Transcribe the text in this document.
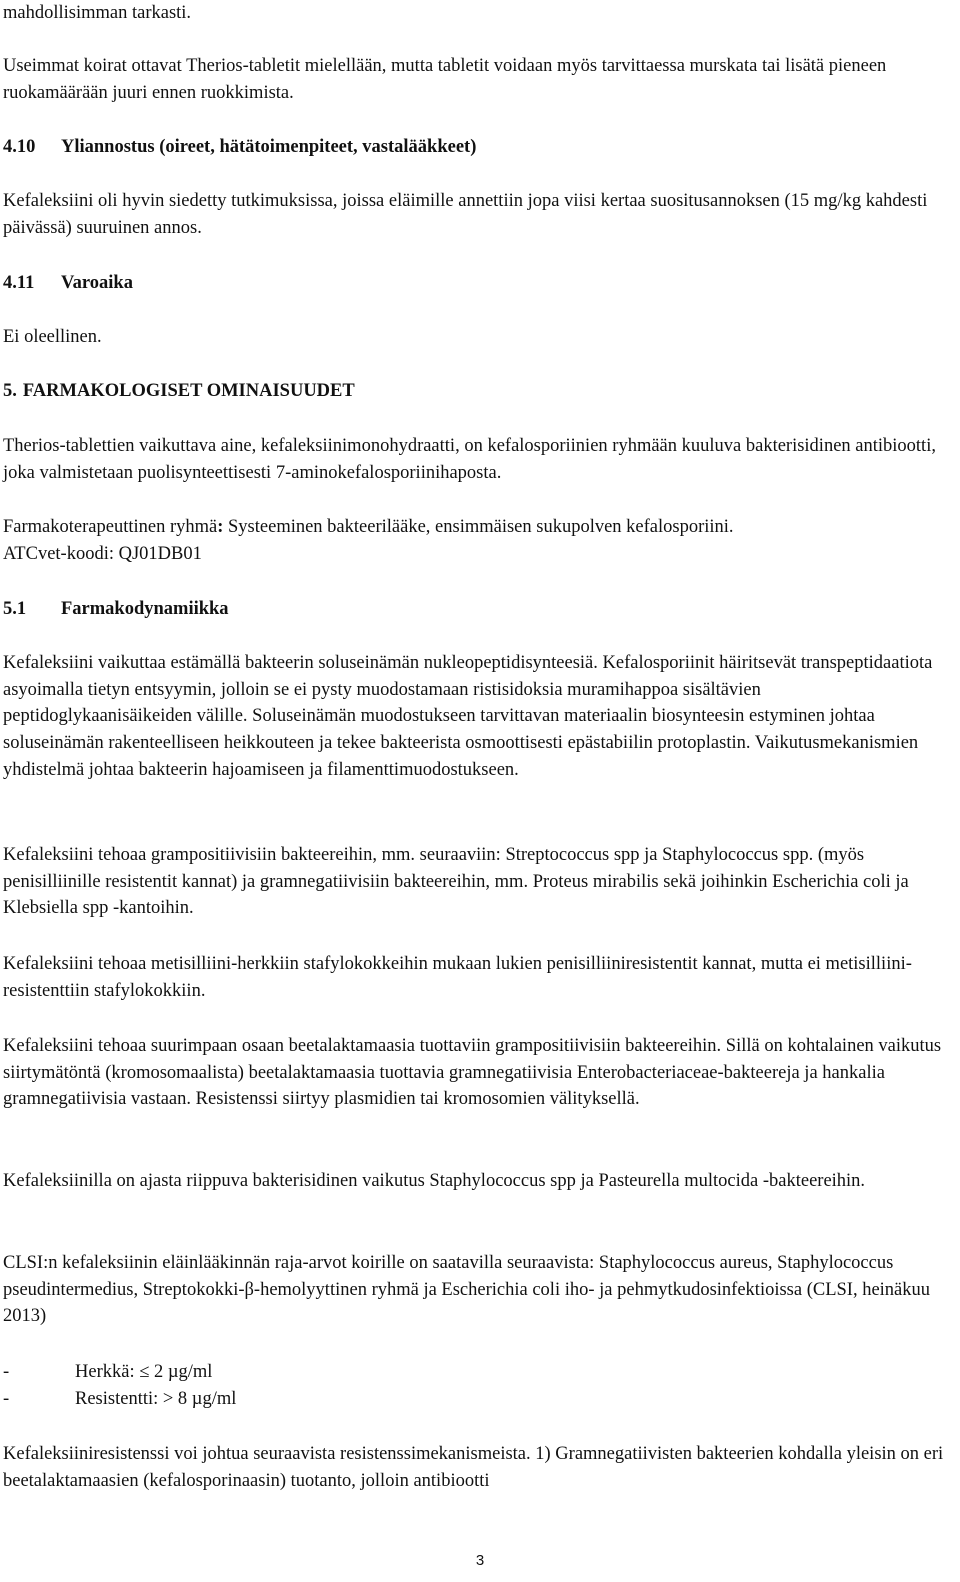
mahdollisimman tarkasti.

Useimmat koirat ottavat Therios-tabletit mielellään, mutta tabletit voidaan myös tarvittaessa murskata tai lisätä pieneen ruokamäärään juuri ennen ruokkimista.

4.10 Yliannostus (oireet, hätätoimenpiteet, vastalääkkeet)

Kefaleksiini oli hyvin siedetty tutkimuksissa, joissa eläimille annettiin jopa viisi kertaa suositusannoksen (15 mg/kg kahdesti päivässä) suuruinen annos.

4.11 Varoaika

Ei oleellinen.

5. FARMAKOLOGISET OMINAISUUDET

Therios-tablettien vaikuttava aine, kefaleksiinimonohydraatti, on kefalosporiinien ryhmään kuuluva bakterisidinen antibiootti, joka valmistetaan puolisynteettisesti 7-aminokefalosporiinihaposta.

Farmakoterapeuttinen ryhmä: Systeeminen bakteerilääke, ensimmäisen sukupolven kefalosporiini.

ATCvet-koodi: QJ01DB01

5.1 Farmakodynamiikka

Kefaleksiini vaikuttaa estämällä bakteerin soluseinämän nukleopeptidisynteesiä. Kefalosporiinit häiritsevät transpeptidaatiota asyoimalla tietyn entsyymin, jolloin se ei pysty muodostamaan ristisidoksia muramihappoa sisältävien peptidoglykaanisäikeiden välille. Soluseinämän muodostukseen tarvittavan materiaalin biosynteesin estyminen johtaa soluseinämän rakenteelliseen heikkouteen ja tekee bakteerista osmoottisesti epästabiilin protoplastin. Vaikutusmekanismien yhdistelmä johtaa bakteerin hajoamiseen ja filamenttimuodostukseen.

Kefaleksiini tehoaa grampositiivisiin bakteereihin, mm. seuraaviin: Streptococcus spp ja Staphylococcus spp. (myös penisilliinille resistentit kannat) ja gramnegatiivisiin bakteereihin, mm. Proteus mirabilis sekä joihinkin Escherichia coli ja Klebsiella spp -kantoihin.

Kefaleksiini tehoaa metisilliini-herkkiin stafylokokkeihin mukaan lukien penisilliiniresistentit kannat, mutta ei metisilliini-resistenttiin stafylokokkiin.

Kefaleksiini tehoaa suurimpaan osaan beetalaktamaasia tuottaviin grampositiivisiin bakteereihin. Sillä on kohtalainen vaikutus siirtymätöntä (kromosomaalista) beetalaktamaasia tuottavia gramnegatiivisia Enterobacteriaceae-bakteereja ja hankalia gramnegatiivisia vastaan. Resistenssi siirtyy plasmidien tai kromosomien välityksellä.

Kefaleksiinilla on ajasta riippuva bakterisidinen vaikutus Staphylococcus spp ja Pasteurella multocida -bakteereihin.

CLSI:n kefaleksiinin eläinlääkinnän raja-arvot koirille on saatavilla seuraavista: Staphylococcus aureus, Staphylococcus pseudintermedius, Streptokokki-β-hemolyyttinen ryhmä ja Escherichia coli iho- ja pehmytkudosinfektioissa (CLSI, heinäkuu 2013)

-	Herkkä: ≤ 2 µg/ml
-	Resistentti: > 8 µg/ml

Kefaleksiiniresistenssi voi johtua seuraavista resistenssimekanismeista. 1) Gramnegatiivisten bakteerien kohdalla yleisin on eri beetalaktamaasien (kefalosporinaasin) tuotanto, jolloin antibiootti

3
